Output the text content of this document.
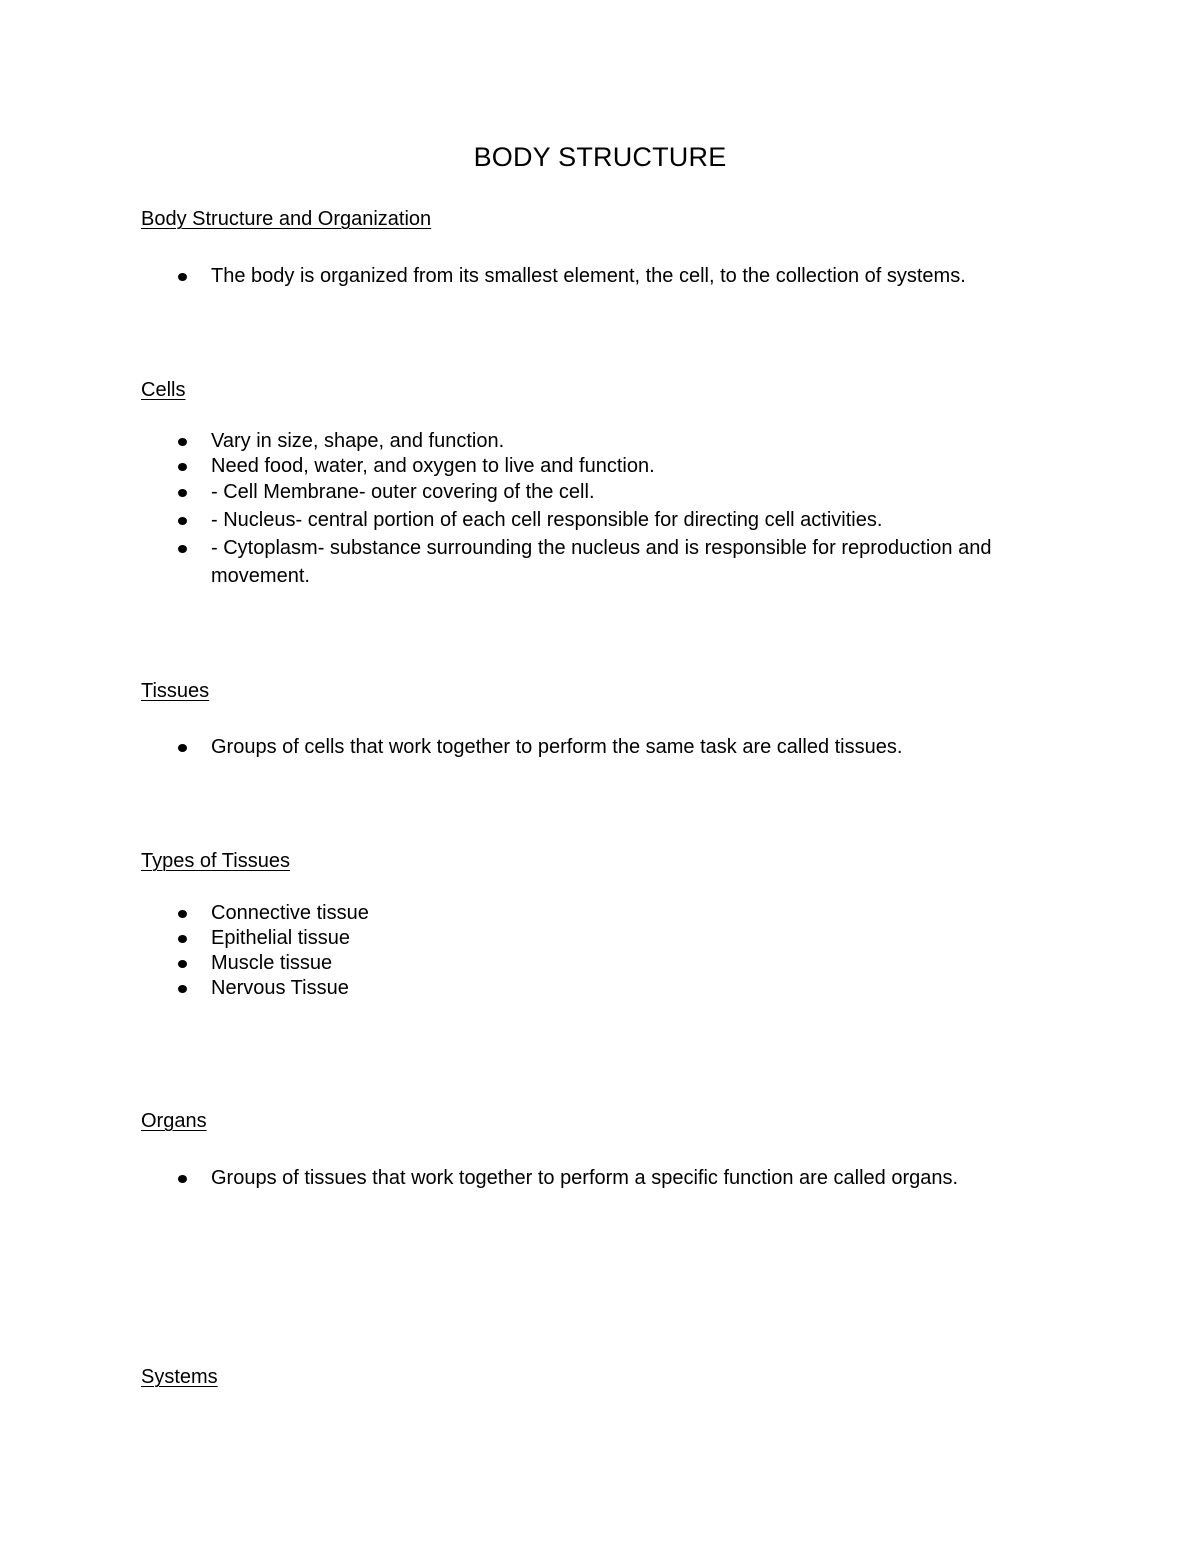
BODY STRUCTURE
Body Structure and Organization
The body is organized from its smallest element, the cell, to the collection of systems.
Cells
Vary in size, shape, and function.
Need food, water, and oxygen to live and function.
- Cell Membrane- outer covering of the cell.
- Nucleus- central portion of each cell responsible for directing cell activities.
- Cytoplasm- substance surrounding the nucleus and is responsible for reproduction and movement.
Tissues
Groups of cells that work together to perform the same task are called tissues.
Types of Tissues
Connective tissue
Epithelial tissue
Muscle tissue
Nervous Tissue
Organs
Groups of tissues that work together to perform a specific function are called organs.
Systems
